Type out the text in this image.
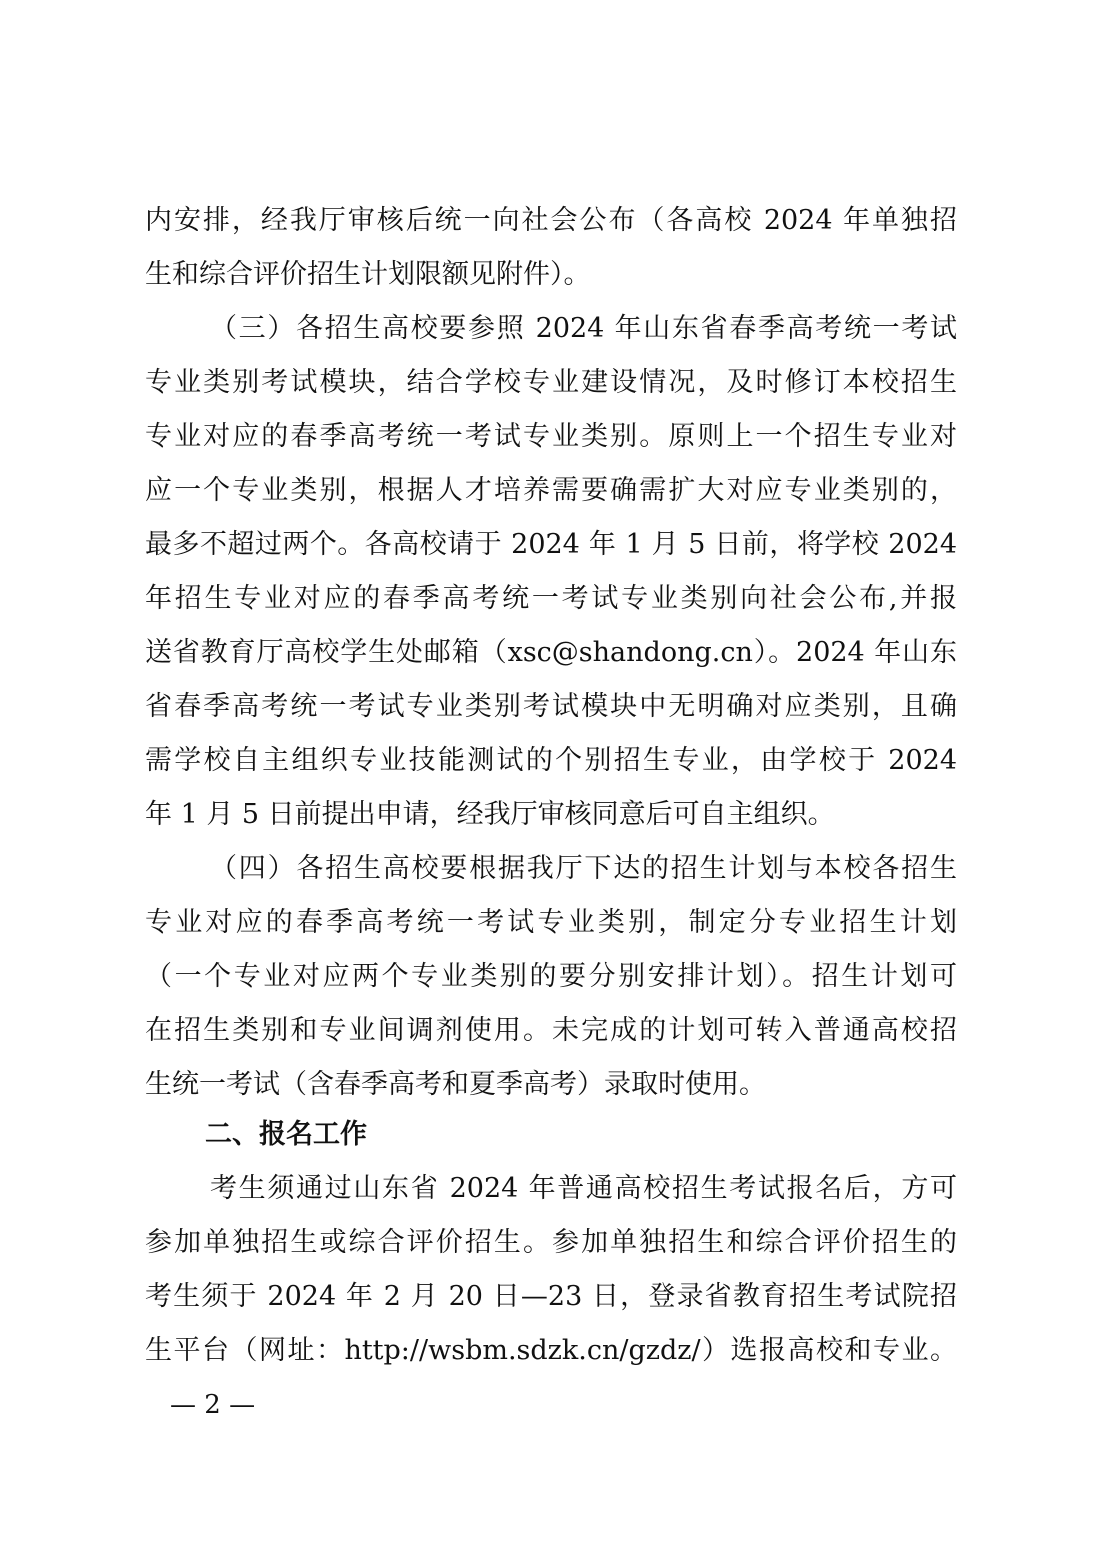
内安排，经我厅审核后统一向社会公布（各高校 2024 年单独招
生和综合评价招生计划限额见附件）。
（三）各招生高校要参照 2024 年山东省春季高考统一考试
专业类别考试模块，结合学校专业建设情况，及时修订本校招生
专业对应的春季高考统一考试专业类别。原则上一个招生专业对
应一个专业类别，根据人才培养需要确需扩大对应专业类别的，
最多不超过两个。各高校请于 2024 年 1 月 5 日前，将学校 2024
年招生专业对应的春季高考统一考试专业类别向社会公布,并报
送省教育厅高校学生处邮箱（xsc@shandong.cn）。2024 年山东
省春季高考统一考试专业类别考试模块中无明确对应类别，且确
需学校自主组织专业技能测试的个别招生专业，由学校于 2024
年 1 月 5 日前提出申请，经我厅审核同意后可自主组织。
（四）各招生高校要根据我厅下达的招生计划与本校各招生
专业对应的春季高考统一考试专业类别，制定分专业招生计划
（一个专业对应两个专业类别的要分别安排计划）。招生计划可
在招生类别和专业间调剂使用。未完成的计划可转入普通高校招
生统一考试（含春季高考和夏季高考）录取时使用。
二、报名工作
考生须通过山东省 2024 年普通高校招生考试报名后，方可
参加单独招生或综合评价招生。参加单独招生和综合评价招生的
考生须于 2024 年 2 月 20 日—23 日，登录省教育招生考试院招
生平台（网址：http://wsbm.sdzk.cn/gzdz/）选报高校和专业。
— 2 —
